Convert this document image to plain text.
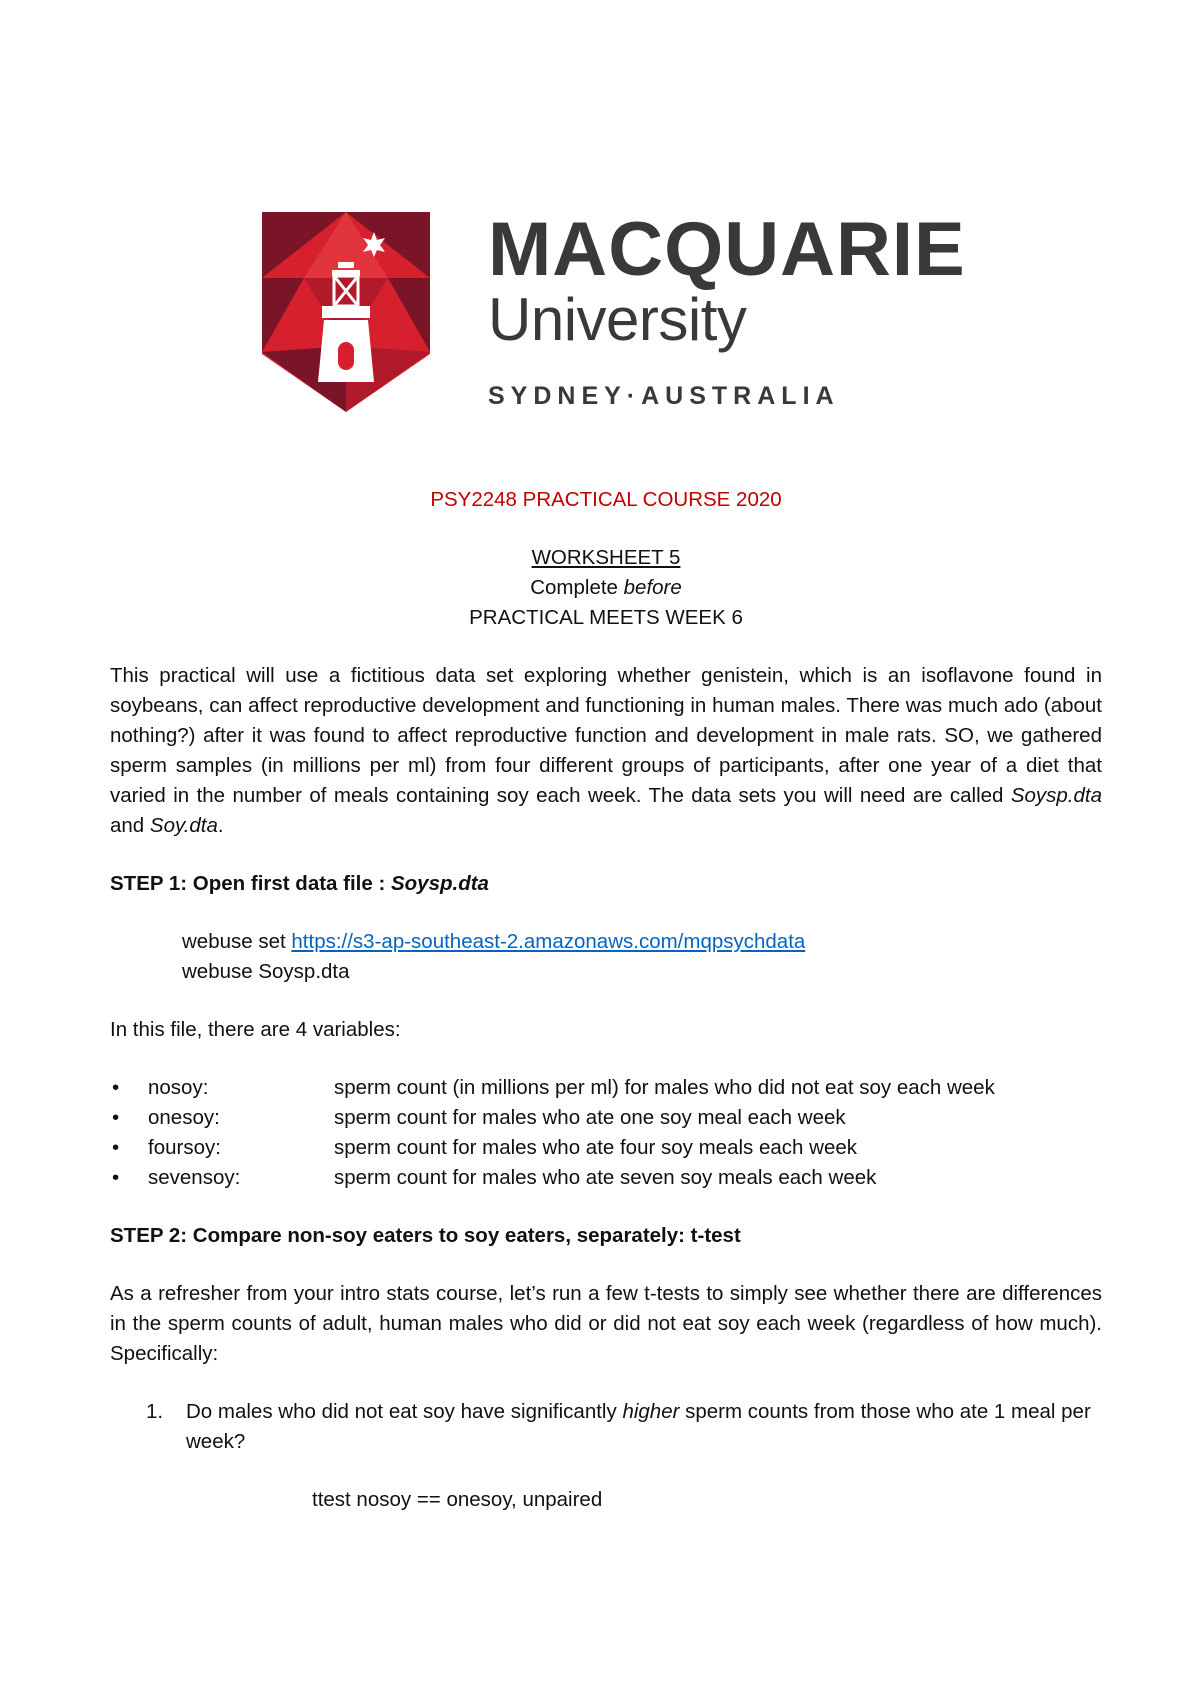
MACQUARIE
University
SYDNEY·AUSTRALIA

PSY2248 PRACTICAL COURSE 2020

WORKSHEET 5

Complete before

PRACTICAL MEETS WEEK 6

This practical will use a fictitious data set exploring whether genistein, which is an isoflavone found in soybeans, can affect reproductive development and functioning in human males. There was much ado (about nothing?) after it was found to affect reproductive function and development in male rats. SO, we gathered sperm samples (in millions per ml) from four different groups of participants, after one year of a diet that varied in the number of meals containing soy each week. The data sets you will need are called Soysp.dta and Soy.dta.

STEP 1: Open first data file : Soysp.dta

webuse set https://s3-ap-southeast-2.amazonaws.com/mqpsychdata

webuse Soysp.dta

In this file, there are 4 variables:

•	nosoy:	sperm count (in millions per ml) for males who did not eat soy each week
•	onesoy:	sperm count for males who ate one soy meal each week
•	foursoy:	sperm count for males who ate four soy meals each week
•	sevensoy:	sperm count for males who ate seven soy meals each week

STEP 2: Compare non-soy eaters to soy eaters, separately: t-test

As a refresher from your intro stats course, let’s run a few t-tests to simply see whether there are differences in the sperm counts of adult, human males who did or did not eat soy each week (regardless of how much). Specifically:

1.	Do males who did not eat soy have significantly higher sperm counts from those who ate 1 meal per week?

ttest nosoy == onesoy, unpaired
